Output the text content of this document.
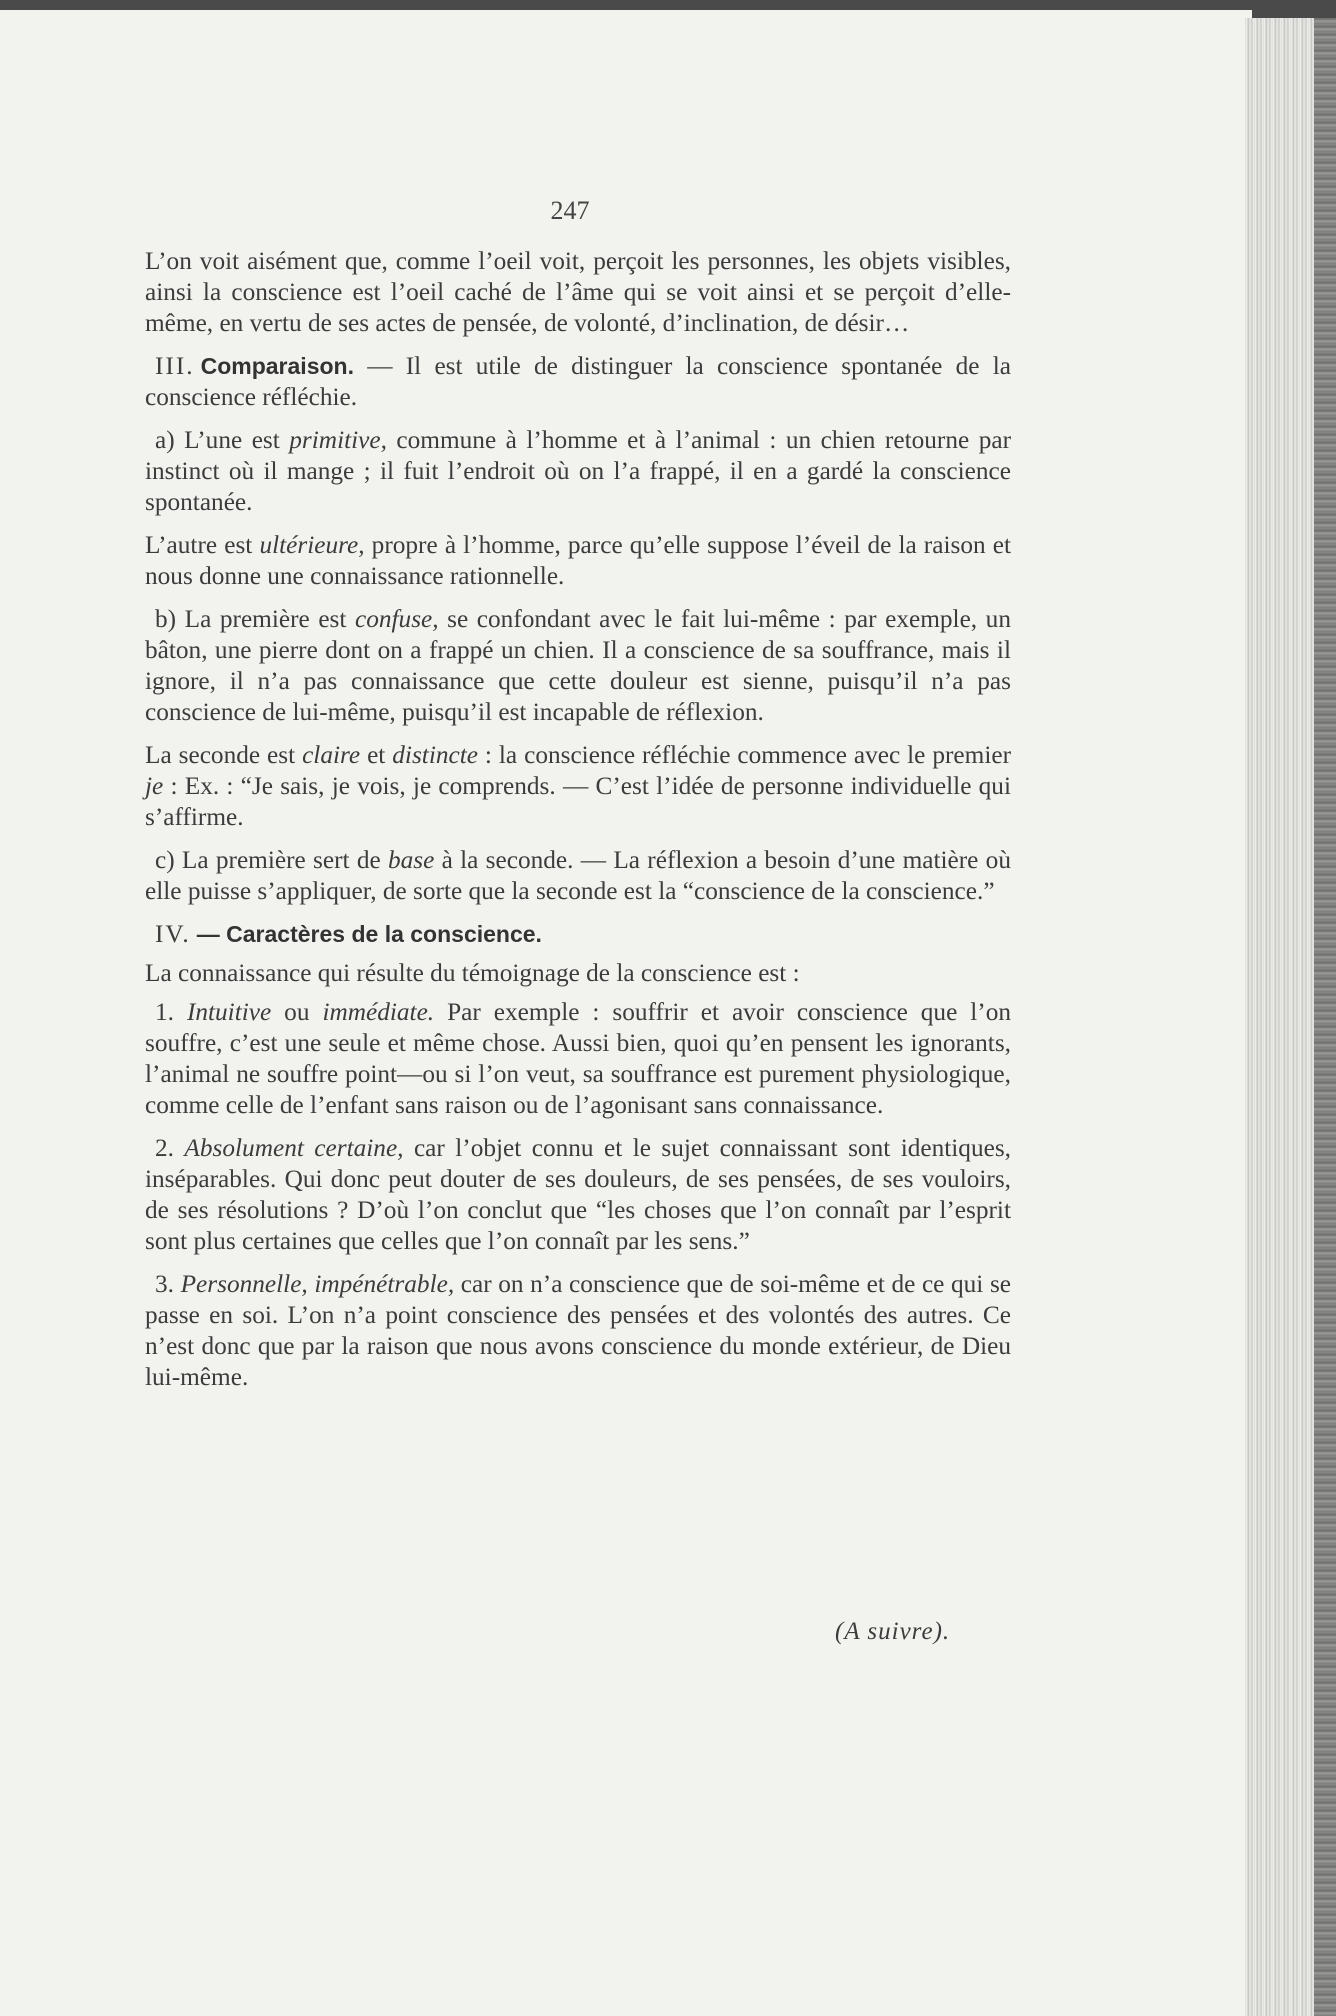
247

L’on voit aisément que, comme l’oeil voit, perçoit les personnes, les objets visibles, ainsi la conscience est l’oeil caché de l’âme qui se voit ainsi et se perçoit d’elle-même, en vertu de ses actes de pensée, de volonté, d’inclination, de désir…

III. Comparaison. — Il est utile de distinguer la conscience spontanée de la conscience réfléchie.

a) L’une est primitive, commune à l’homme et à l’animal : un chien retourne par instinct où il mange ; il fuit l’endroit où on l’a frappé, il en a gardé la conscience spontanée.

L’autre est ultérieure, propre à l’homme, parce qu’elle suppose l’éveil de la raison et nous donne une connaissance rationnelle.

b) La première est confuse, se confondant avec le fait lui-même : par exemple, un bâton, une pierre dont on a frappé un chien. Il a conscience de sa souffrance, mais il ignore, il n’a pas connaissance que cette douleur est sienne, puisqu’il n’a pas conscience de lui-même, puisqu’il est incapable de réflexion.

La seconde est claire et distincte : la conscience réfléchie commence avec le premier je : Ex. : “Je sais, je vois, je comprends. — C’est l’idée de personne individuelle qui s’affirme.

c) La première sert de base à la seconde. — La réflexion a besoin d’une matière où elle puisse s’appliquer, de sorte que la seconde est la “conscience de la conscience.”

IV. — Caractères de la conscience.

La connaissance qui résulte du témoignage de la conscience est :

1. Intuitive ou immédiate. Par exemple : souffrir et avoir conscience que l’on souffre, c’est une seule et même chose. Aussi bien, quoi qu’en pensent les ignorants, l’animal ne souffre point—ou si l’on veut, sa souffrance est purement physiologique, comme celle de l’enfant sans raison ou de l’agonisant sans connaissance.

2. Absolument certaine, car l’objet connu et le sujet connaissant sont identiques, inséparables. Qui donc peut douter de ses douleurs, de ses pensées, de ses vouloirs, de ses résolutions ? D’où l’on conclut que “les choses que l’on connaît par l’esprit sont plus certaines que celles que l’on connaît par les sens.”

3. Personnelle, impénétrable, car on n’a conscience que de soi-même et de ce qui se passe en soi. L’on n’a point conscience des pensées et des volontés des autres. Ce n’est donc que par la raison que nous avons conscience du monde extérieur, de Dieu lui-même.

(A suivre).
